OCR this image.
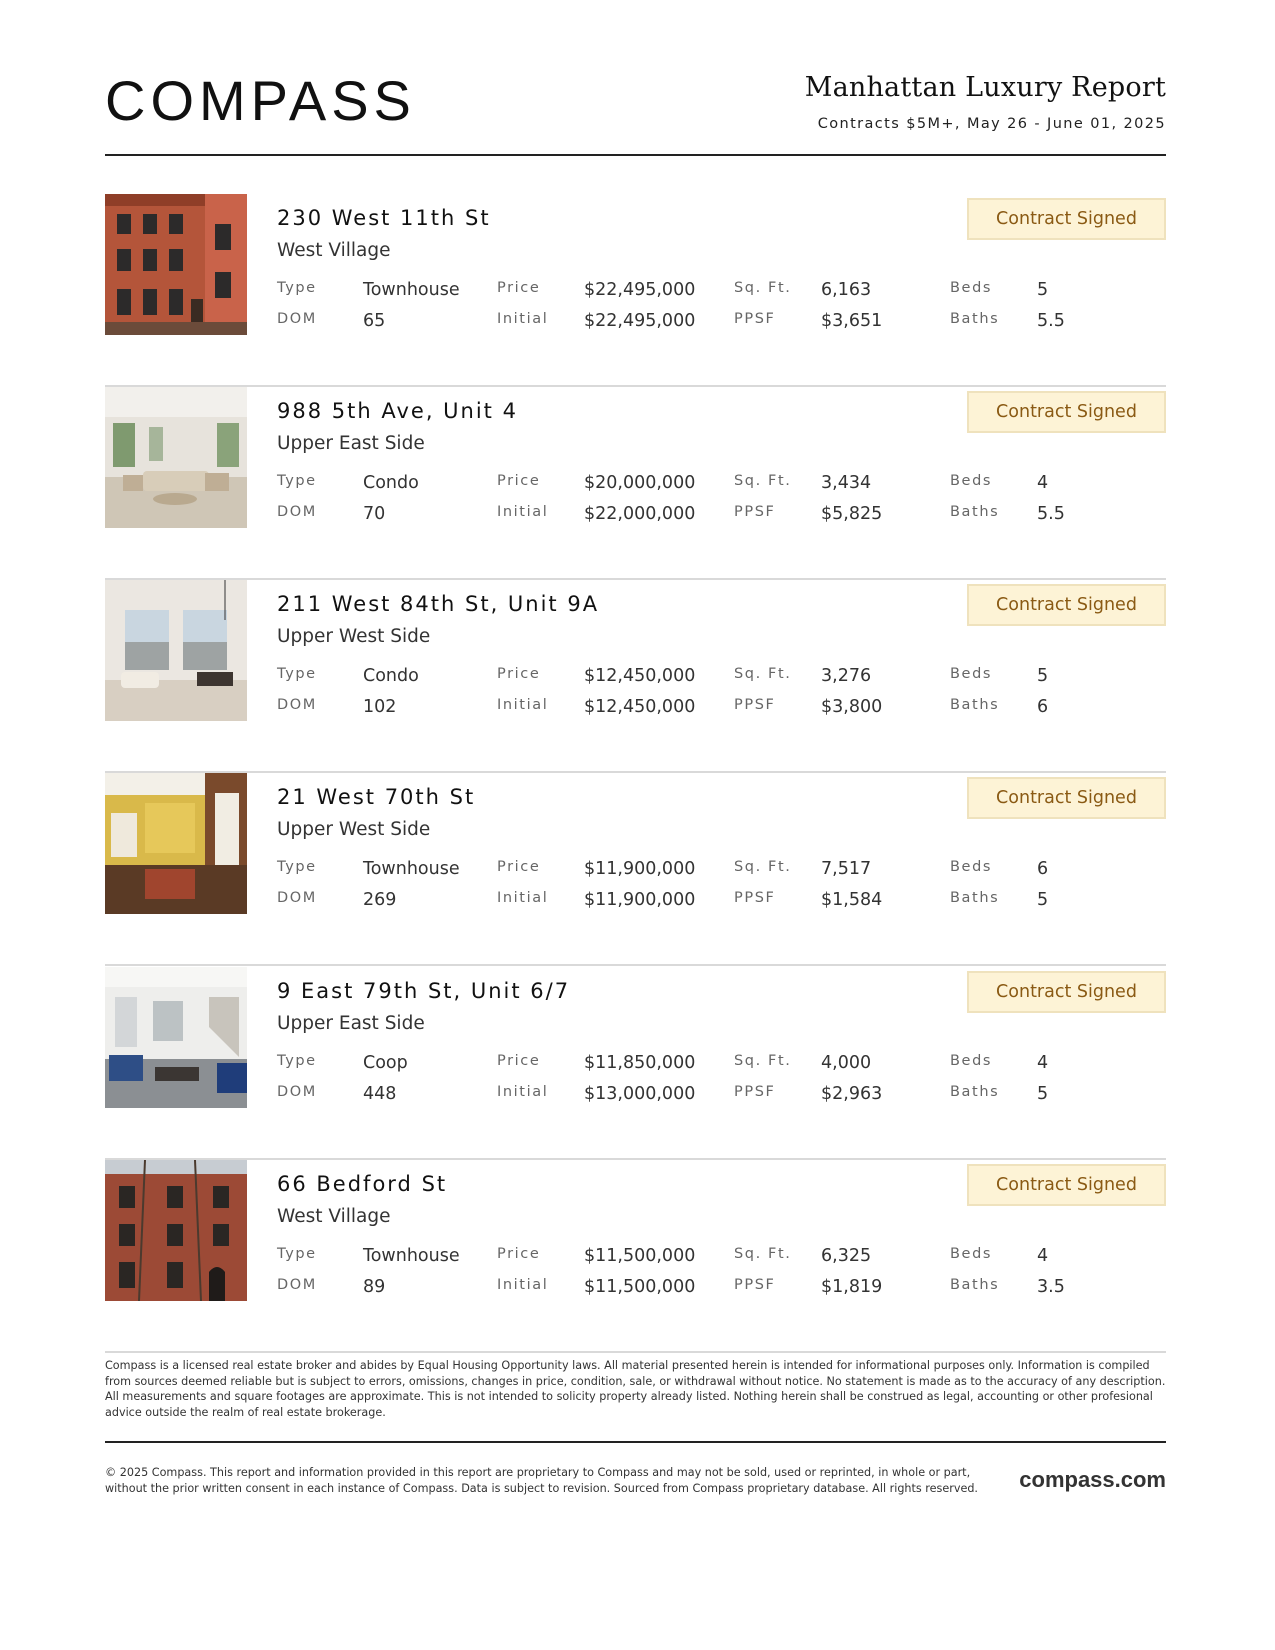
COMPASS	Manhattan Luxury Report
Contracts $5M+, May 26 - June 01, 2025
230 West 11th St
West Village
Contract Signed
Type	Townhouse	Price $22,495,000	Sq. Ft. 6,163	Beds	5
DOM	65	Initial $22,495,000	PPSF	$3,651	Baths 5.5
988 5th Ave, Unit 4
Upper East Side
Contract Signed
Type	Condo	Price $20,000,000	Sq. Ft. 3,434	Beds	4
DOM	70	Initial $22,000,000	PPSF	$5,825	Baths 5.5
211 West 84th St, Unit 9A
Upper West Side
Contract Signed
Type	Condo	Price $12,450,000	Sq. Ft. 3,276	Beds	5
DOM	102	Initial $12,450,000	PPSF	$3,800	Baths 6
21 West 70th St
Upper West Side
Contract Signed
Type	Townhouse	Price $11,900,000	Sq. Ft. 7,517	Beds	6
DOM	269	Initial $11,900,000	PPSF	$1,584	Baths 5
9 East 79th St, Unit 6/7
Upper East Side
Contract Signed
Type	Coop	Price $11,850,000	Sq. Ft. 4,000	Beds	4
DOM	448	Initial $13,000,000	PPSF	$2,963	Baths 5
66 Bedford St
West Village
Contract Signed
Type	Townhouse	Price $11,500,000	Sq. Ft. 6,325	Beds	4
DOM	89	Initial $11,500,000	PPSF	$1,819	Baths 3.5
Compass is a licensed real estate broker and abides by Equal Housing Opportunity laws. All material presented herein is intended for informational purposes only. Information is compiled from sources deemed reliable but is subject to errors, omissions, changes in price, condition, sale, or withdrawal without notice. No statement is made as to the accuracy of any description. All measurements and square footages are approximate. This is not intended to solicity property already listed. Nothing herein shall be construed as legal, accounting or other profesional advice outside the realm of real estate brokerage.
© 2025 Compass. This report and information provided in this report are proprietary to Compass and may not be sold, used or reprinted, in whole or part, without the prior written consent in each instance of Compass. Data is subject to revision. Sourced from Compass proprietary database. All rights reserved.	compass.com
